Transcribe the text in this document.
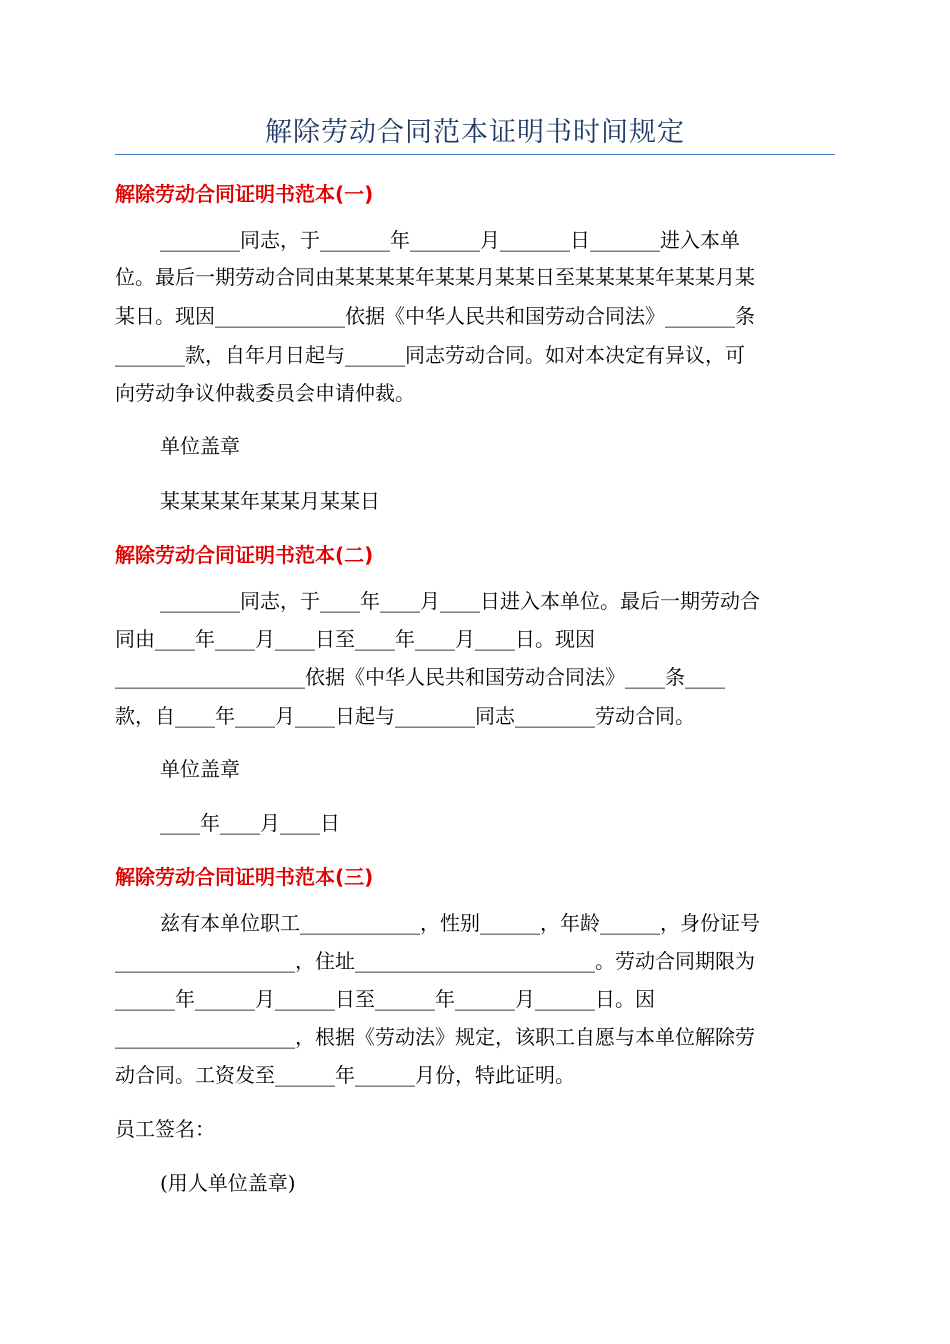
解除劳动合同范本证明书时间规定
解除劳动合同证明书范本(一)
________同志，于_______年_______月_______日_______进入本单
位。最后一期劳动合同由某某某某年某某月某某日至某某某某年某某月某
某日。现因_____________依据《中华人民共和国劳动合同法》_______条
_______款，自年月日起与______同志劳动合同。如对本决定有异议，可
向劳动争议仲裁委员会申请仲裁。
单位盖章
某某某某年某某月某某日
解除劳动合同证明书范本(二)
________同志，于____年____月____日进入本单位。最后一期劳动合
同由____年____月____日至____年____月____日。现因
___________________依据《中华人民共和国劳动合同法》____条____
款，自____年____月____日起与________同志________劳动合同。
单位盖章
____年____月____日
解除劳动合同证明书范本(三)
兹有本单位职工____________，性别______，年龄______，身份证号
__________________，住址________________________。劳动合同期限为
______年______月______日至______年______月______日。因
__________________，根据《劳动法》规定，该职工自愿与本单位解除劳
动合同。工资发至______年______月份，特此证明。
员工签名：
(用人单位盖章)
